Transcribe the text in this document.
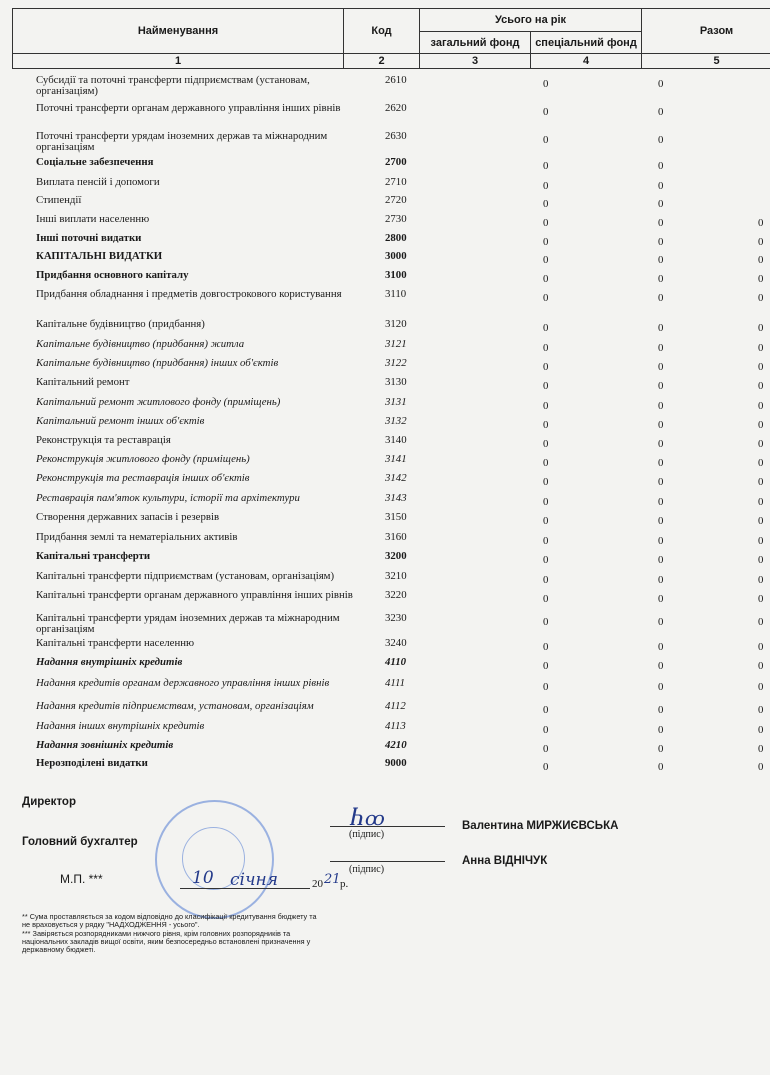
Найменування	Код	Усього на рік		Разом
		загальний фонд	спеціальний фонд	
1	2	3	4	5
Субсидії та поточні трансферти підприємствам (установам, організаціям)
2610	0	0
Поточні трансферти органам державного управління інших рівнів	2620	0	0
Поточні трансферти урядам іноземних держав та міжнародним організаціям
2630	0	0
Соціальне забезпечення	2700	0	0
Виплата пенсій і допомоги	2710	0	0
Стипендії	2720	0	0
Інші виплати населенню	2730	0	0	0
Інші поточні видатки	2800	0	0	0
КАПІТАЛЬНІ ВИДАТКИ	3000	0	0	0
Придбання основного капіталу	3100	0	0	0
Придбання обладнання і предметів довгострокового користування	3110	0	0	0
Капітальне будівництво (придбання)	3120	0	0	0
Капітальне будівництво (придбання) житла	3121	0	0	0
Капітальне будівництво (придбання) інших об'єктів	3122	0	0	0
Капітальний ремонт	3130	0	0	0
Капітальний ремонт житлового фонду (приміщень)	3131	0	0	0
Капітальний ремонт інших об'єктів	3132	0	0	0
Реконструкція та реставрація	3140	0	0	0
Реконструкція житлового фонду (приміщень)	3141	0	0	0
Реконструкція та реставрація інших об'єктів	3142	0	0	0
Реставрація пам'яток культури, історії та архітектури	3143	0	0	0
Створення державних запасів і резервів	3150	0	0	0
Придбання землі та нематеріальних активів	3160	0	0	0
Капітальні трансферти	3200	0	0	0
Капітальні трансферти підприємствам (установам, організаціям)	3210	0	0	0
Капітальні трансферти органам державного управління інших рівнів	3220	0	0	0
Капітальні трансферти урядам іноземних держав та міжнародним організаціям
3230	0	0	0
Капітальні трансферти населенню	3240	0	0	0
Надання внутрішніх кредитів	4110	0	0	0
Надання кредитів органам державного управління інших рівнів	4111	0	0	0
Надання кредитів підприємствам, установам, організаціям	4112	0	0	0
Надання інших внутрішніх кредитів	4113	0	0	0
Надання зовнішніх кредитів	4210	0	0	0
Нерозподілені видатки	9000	0	0	0
Директор
Ⴙꝏ
(підпис)
Валентина МИРЖИЄВСЬКА
Головний бухгалтер
(підпис)
Анна ВІДНІЧУК
М.П. ***	10 січня	20 21 р.
** Сума проставляється за кодом відповідно до класифікації кредитування бюджету та не враховується у рядку "НАДХОДЖЕННЯ - усього".
*** Завіряється розпорядниками нижчого рівня, крім головних розпорядників та національних закладів вищої освіти, яким безпосередньо встановлені призначення у державному бюджеті.
